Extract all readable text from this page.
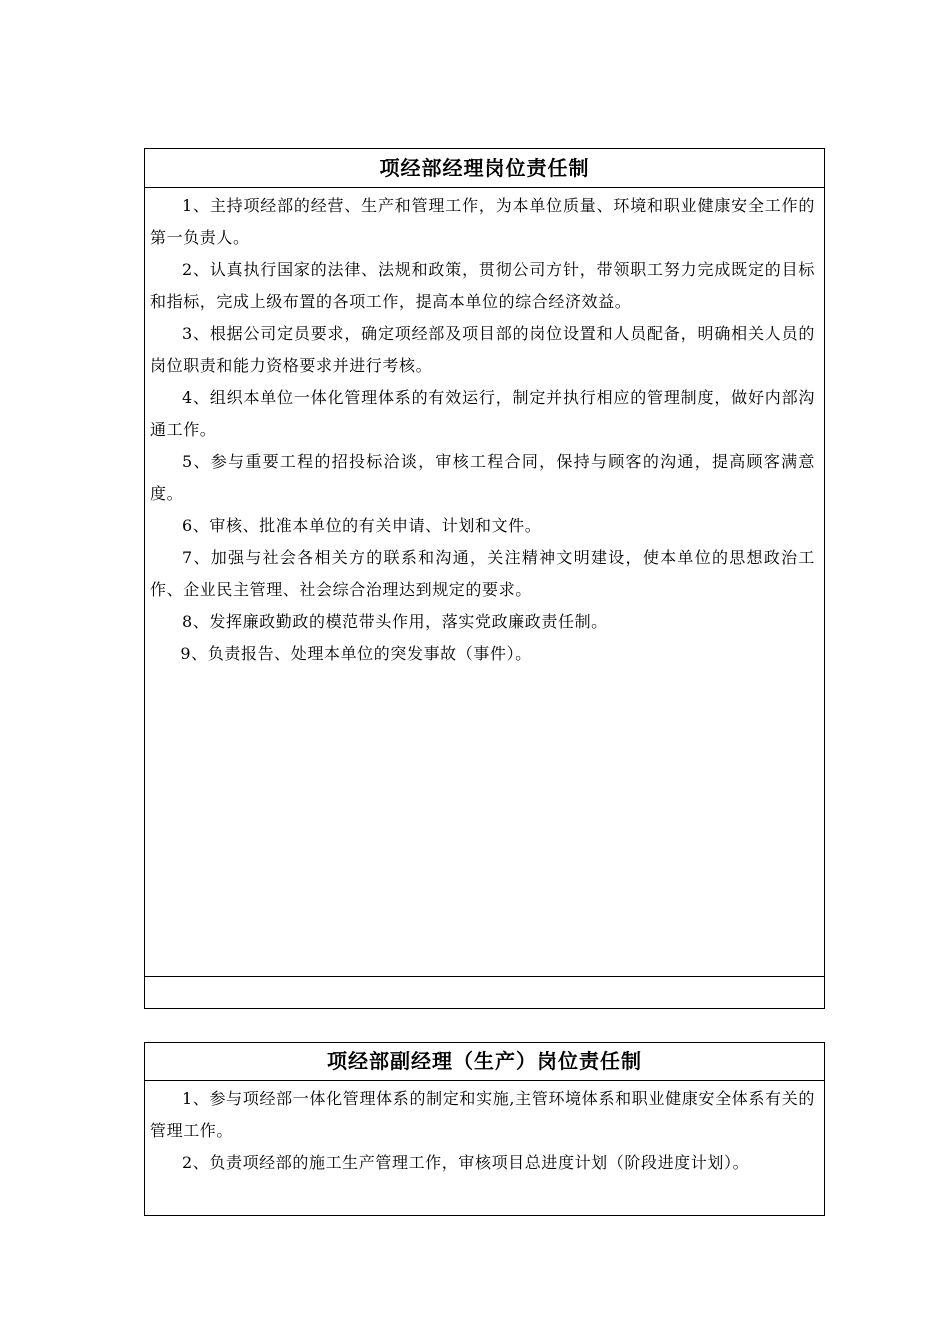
项经部经理岗位责任制

1、主持项经部的经营、生产和管理工作，为本单位质量、环境和职业健康安全工作的第一负责人。

2、认真执行国家的法律、法规和政策，贯彻公司方针，带领职工努力完成既定的目标和指标，完成上级布置的各项工作，提高本单位的综合经济效益。

3、根据公司定员要求，确定项经部及项目部的岗位设置和人员配备，明确相关人员的岗位职责和能力资格要求并进行考核。

4、组织本单位一体化管理体系的有效运行，制定并执行相应的管理制度，做好内部沟通工作。

5、参与重要工程的招投标洽谈，审核工程合同，保持与顾客的沟通，提高顾客满意度。

6、审核、批准本单位的有关申请、计划和文件。

7、加强与社会各相关方的联系和沟通，关注精神文明建设，使本单位的思想政治工作、企业民主管理、社会综合治理达到规定的要求。

8、发挥廉政勤政的模范带头作用，落实党政廉政责任制。

9、负责报告、处理本单位的突发事故（事件）。

项经部副经理（生产）岗位责任制

1、参与项经部一体化管理体系的制定和实施,主管环境体系和职业健康安全体系有关的管理工作。

2、负责项经部的施工生产管理工作，审核项目总进度计划（阶段进度计划）。
